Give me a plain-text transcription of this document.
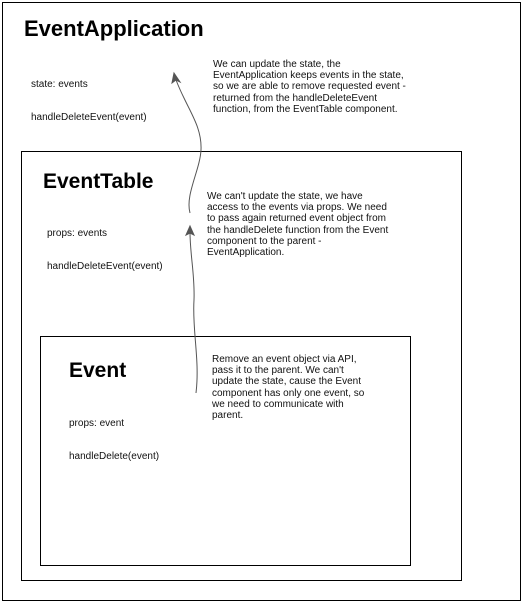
EventApplication

state: events

handleDeleteEvent(event)

We can update the state, the
EventApplication keeps events in the state,
so we are able to remove requested event -
returned from the handleDeleteEvent
function, from the EventTable component.
EventTable

props: events

handleDeleteEvent(event)

We can't update the state, we have
access to the events via props. We need
to pass again returned event object from
the handleDelete function from the Event
component to the parent -
EventApplication.
Event

props: event

handleDelete(event)

Remove an event object via API,
pass it to the parent. We can't
update the state, cause the Event
component has only one event, so
we need to communicate with
parent.
